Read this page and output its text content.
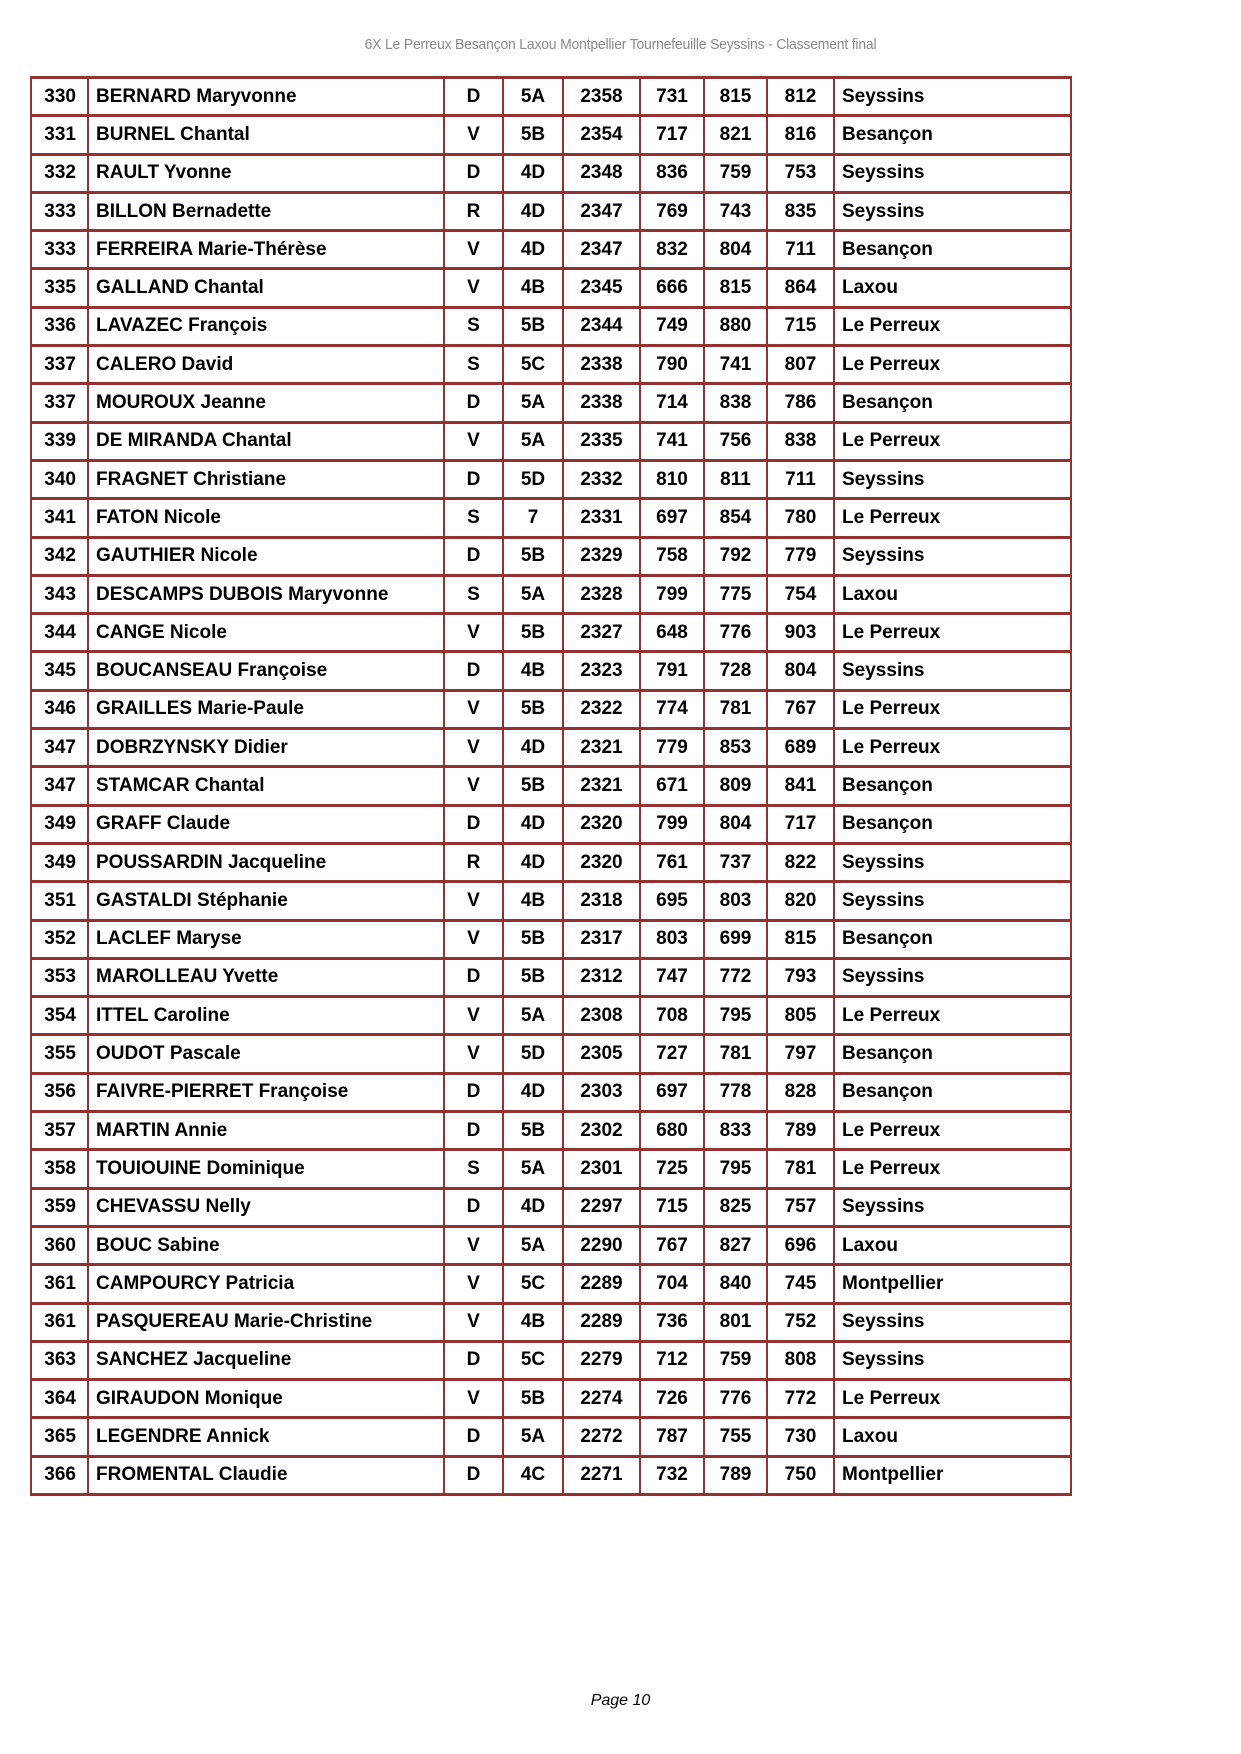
6X Le Perreux Besançon Laxou Montpellier Tournefeuille Seyssins - Classement final
330	BERNARD Maryvonne	D	5A	2358	731	815	812	Seyssins
331	BURNEL Chantal	V	5B	2354	717	821	816	Besançon
332	RAULT Yvonne	D	4D	2348	836	759	753	Seyssins
333	BILLON Bernadette	R	4D	2347	769	743	835	Seyssins
333	FERREIRA Marie-Thérèse	V	4D	2347	832	804	711	Besançon
335	GALLAND Chantal	V	4B	2345	666	815	864	Laxou
336	LAVAZEC François	S	5B	2344	749	880	715	Le Perreux
337	CALERO David	S	5C	2338	790	741	807	Le Perreux
337	MOUROUX Jeanne	D	5A	2338	714	838	786	Besançon
339	DE MIRANDA Chantal	V	5A	2335	741	756	838	Le Perreux
340	FRAGNET Christiane	D	5D	2332	810	811	711	Seyssins
341	FATON Nicole	S	7	2331	697	854	780	Le Perreux
342	GAUTHIER Nicole	D	5B	2329	758	792	779	Seyssins
343	DESCAMPS DUBOIS Maryvonne	S	5A	2328	799	775	754	Laxou
344	CANGE Nicole	V	5B	2327	648	776	903	Le Perreux
345	BOUCANSEAU Françoise	D	4B	2323	791	728	804	Seyssins
346	GRAILLES Marie-Paule	V	5B	2322	774	781	767	Le Perreux
347	DOBRZYNSKY Didier	V	4D	2321	779	853	689	Le Perreux
347	STAMCAR Chantal	V	5B	2321	671	809	841	Besançon
349	GRAFF Claude	D	4D	2320	799	804	717	Besançon
349	POUSSARDIN Jacqueline	R	4D	2320	761	737	822	Seyssins
351	GASTALDI Stéphanie	V	4B	2318	695	803	820	Seyssins
352	LACLEF Maryse	V	5B	2317	803	699	815	Besançon
353	MAROLLEAU Yvette	D	5B	2312	747	772	793	Seyssins
354	ITTEL Caroline	V	5A	2308	708	795	805	Le Perreux
355	OUDOT Pascale	V	5D	2305	727	781	797	Besançon
356	FAIVRE-PIERRET Françoise	D	4D	2303	697	778	828	Besançon
357	MARTIN Annie	D	5B	2302	680	833	789	Le Perreux
358	TOUIOUINE Dominique	S	5A	2301	725	795	781	Le Perreux
359	CHEVASSU Nelly	D	4D	2297	715	825	757	Seyssins
360	BOUC Sabine	V	5A	2290	767	827	696	Laxou
361	CAMPOURCY Patricia	V	5C	2289	704	840	745	Montpellier
361	PASQUEREAU Marie-Christine	V	4B	2289	736	801	752	Seyssins
363	SANCHEZ Jacqueline	D	5C	2279	712	759	808	Seyssins
364	GIRAUDON Monique	V	5B	2274	726	776	772	Le Perreux
365	LEGENDRE Annick	D	5A	2272	787	755	730	Laxou
366	FROMENTAL Claudie	D	4C	2271	732	789	750	Montpellier
Page 10
